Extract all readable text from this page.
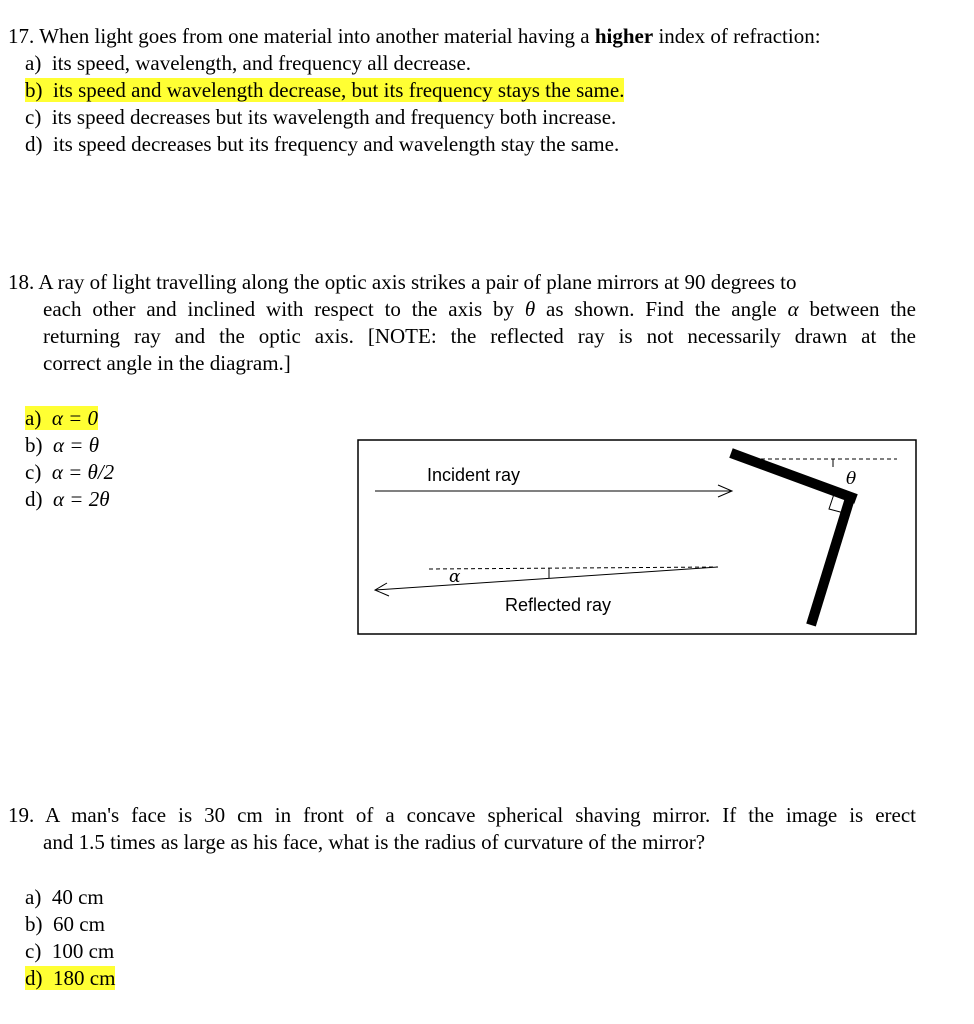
17. When light goes from one material into another material having a higher index of refraction:
a)  its speed, wavelength, and frequency all decrease.
b)  its speed and wavelength decrease, but its frequency stays the same.
c)  its speed decreases but its wavelength and frequency both increase.
d)  its speed decreases but its frequency and wavelength stay the same.
18. A ray of light travelling along the optic axis strikes a pair of plane mirrors at 90 degrees to
each other and inclined with respect to the axis by θ as shown. Find the angle α between the
returning ray and the optic axis. [NOTE: the reflected ray is not necessarily drawn at the
correct angle in the diagram.]
a) α = 0
b) α = θ
c) α = θ/2
d) α = 2θ
Incident ray	θ
α
Reflected ray
19. A man's face is 30 cm in front of a concave spherical shaving mirror. If the image is erect
and 1.5 times as large as his face, what is the radius of curvature of the mirror?
a)  40 cm
b)  60 cm
c)  100 cm
d)  180 cm
